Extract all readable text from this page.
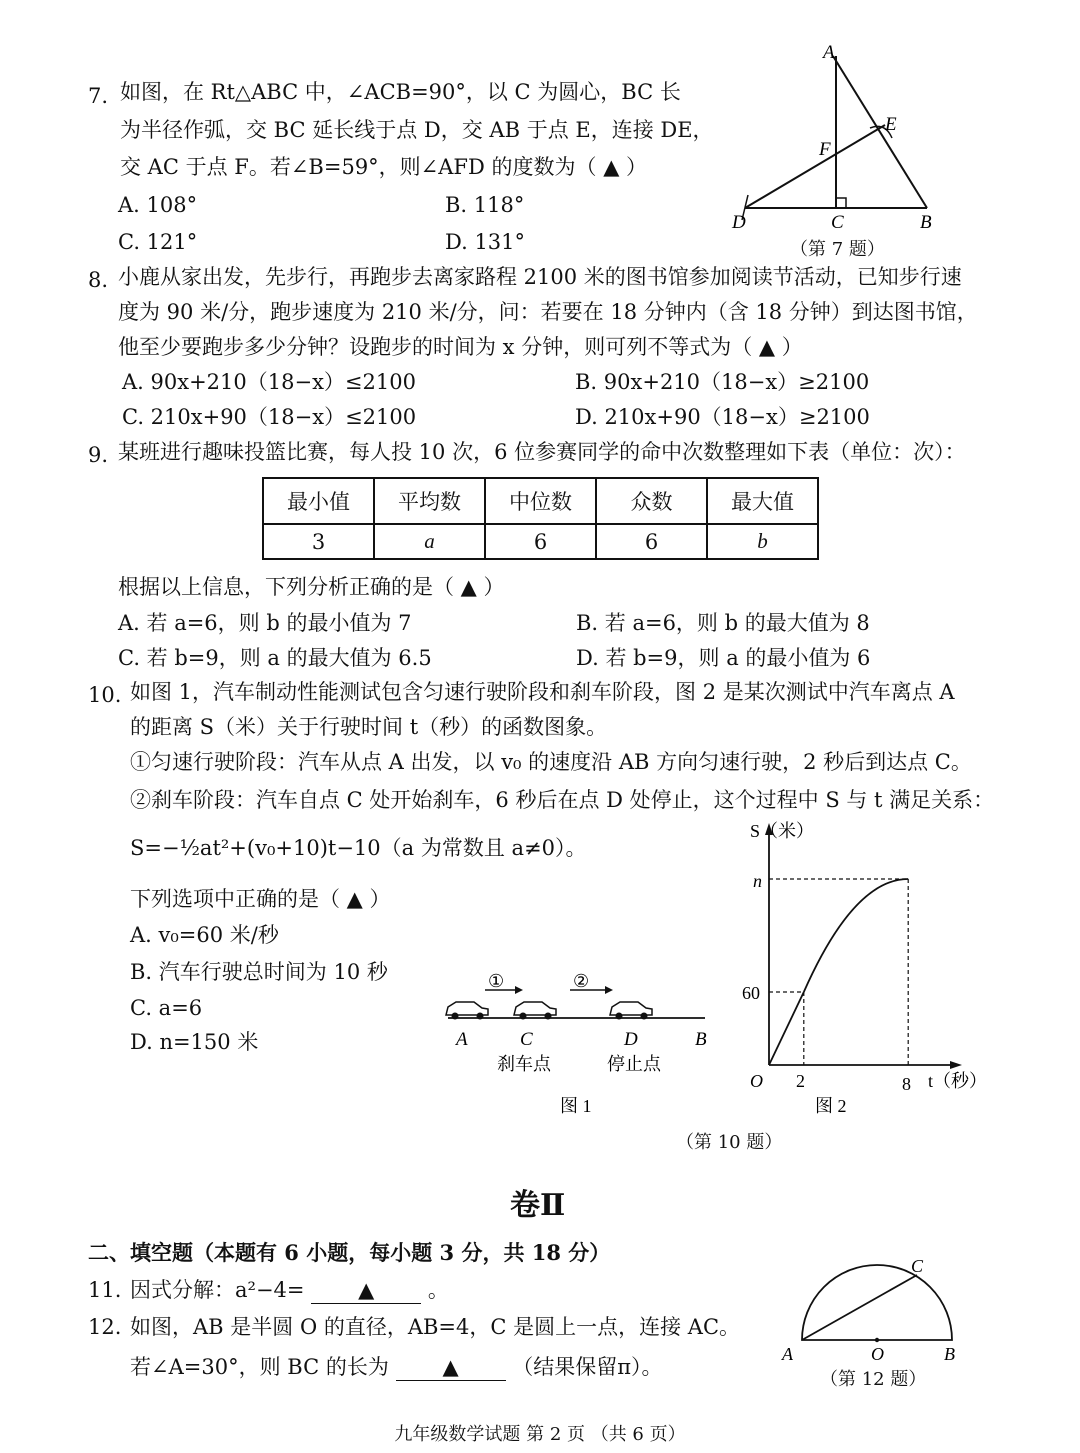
7. 如图，在 Rt△ABC 中，∠ACB=90°，以 C 为圆心，BC 长
为半径作弧，交 BC 延长线于点 D，交 AB 于点 E，连接 DE，
交 AC 于点 F。若∠B=59°，则∠AFD 的度数为（ ▲ ）
A. 108°	B. 118°
C. 121°	D. 131°
A
E
F
D	C	B
（第 7 题）
8. 小鹿从家出发，先步行，再跑步去离家路程 2100 米的图书馆参加阅读节活动，已知步行速
度为 90 米/分，跑步速度为 210 米/分，问：若要在 18 分钟内（含 18 分钟）到达图书馆，
他至少要跑步多少分钟？设跑步的时间为 x 分钟，则可列不等式为（ ▲ ）
A. 90x+210（18−x）≤2100	B. 90x+210（18−x）≥2100
C. 210x+90（18−x）≤2100	D. 210x+90（18−x）≥2100
9. 某班进行趣味投篮比赛，每人投 10 次，6 位参赛同学的命中次数整理如下表（单位：次）：
最小值	平均数	中位数	众数	最大值
3	a	6	6	b
根据以上信息，下列分析正确的是（ ▲ ）
A. 若 a=6，则 b 的最小值为 7	B. 若 a=6，则 b 的最大值为 8
C. 若 b=9，则 a 的最大值为 6.5	D. 若 b=9，则 a 的最小值为 6
10. 如图 1，汽车制动性能测试包含匀速行驶阶段和刹车阶段，图 2 是某次测试中汽车离点 A
的距离 S（米）关于行驶时间 t（秒）的函数图象。
①匀速行驶阶段：汽车从点 A 出发，以 v₀ 的速度沿 AB 方向匀速行驶，2 秒后到达点 C。
②刹车阶段：汽车自点 C 处开始刹车，6 秒后在点 D 处停止，这个过程中 S 与 t 满足关系：
S=−½at²+(v₀+10)t−10（a 为常数且 a≠0）。
下列选项中正确的是（ ▲ ）
A. v₀=60 米/秒
B. 汽车行驶总时间为 10 秒
C. a=6
D. n=150 米
①	②
A	C	D	B
刹车点	停止点
图 1
S（米）
t（秒）
O
n
60
2	8
图 2
（第 10 题）
卷Ⅱ
二、填空题（本题有 6 小题，每小题 3 分，共 18 分）
11. 因式分解：a²−4=	▲	。
12. 如图，AB 是半圆 O 的直径，AB=4，C 是圆上一点，连接 AC。
若∠A=30°，则 BC 的长为	▲	（结果保留π）。
A	O	B
C
（第 12 题）
九年级数学试题 第 2 页 （共 6 页）
